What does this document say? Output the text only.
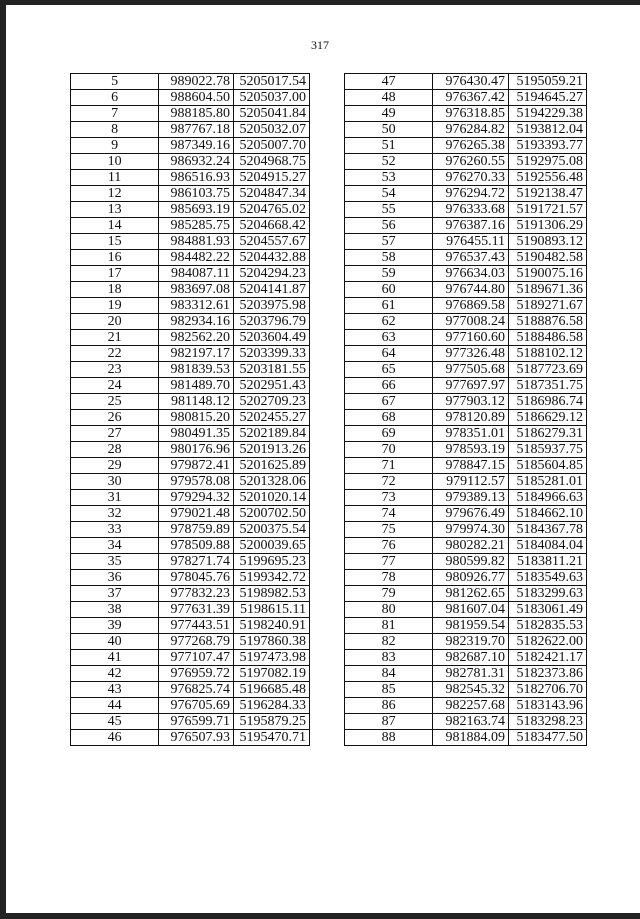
317
5	989022.78	5205017.54
6	988604.50	5205037.00
7	988185.80	5205041.84
8	987767.18	5205032.07
9	987349.16	5205007.70
10	986932.24	5204968.75
11	986516.93	5204915.27
12	986103.75	5204847.34
13	985693.19	5204765.02
14	985285.75	5204668.42
15	984881.93	5204557.67
16	984482.22	5204432.88
17	984087.11	5204294.23
18	983697.08	5204141.87
19	983312.61	5203975.98
20	982934.16	5203796.79
21	982562.20	5203604.49
22	982197.17	5203399.33
23	981839.53	5203181.55
24	981489.70	5202951.43
25	981148.12	5202709.23
26	980815.20	5202455.27
27	980491.35	5202189.84
28	980176.96	5201913.26
29	979872.41	5201625.89
30	979578.08	5201328.06
31	979294.32	5201020.14
32	979021.48	5200702.50
33	978759.89	5200375.54
34	978509.88	5200039.65
35	978271.74	5199695.23
36	978045.76	5199342.72
37	977832.23	5198982.53
38	977631.39	5198615.11
39	977443.51	5198240.91
40	977268.79	5197860.38
41	977107.47	5197473.98
42	976959.72	5197082.19
43	976825.74	5196685.48
44	976705.69	5196284.33
45	976599.71	5195879.25
46	976507.93	5195470.71
47	976430.47	5195059.21
48	976367.42	5194645.27
49	976318.85	5194229.38
50	976284.82	5193812.04
51	976265.38	5193393.77
52	976260.55	5192975.08
53	976270.33	5192556.48
54	976294.72	5192138.47
55	976333.68	5191721.57
56	976387.16	5191306.29
57	976455.11	5190893.12
58	976537.43	5190482.58
59	976634.03	5190075.16
60	976744.80	5189671.36
61	976869.58	5189271.67
62	977008.24	5188876.58
63	977160.60	5188486.58
64	977326.48	5188102.12
65	977505.68	5187723.69
66	977697.97	5187351.75
67	977903.12	5186986.74
68	978120.89	5186629.12
69	978351.01	5186279.31
70	978593.19	5185937.75
71	978847.15	5185604.85
72	979112.57	5185281.01
73	979389.13	5184966.63
74	979676.49	5184662.10
75	979974.30	5184367.78
76	980282.21	5184084.04
77	980599.82	5183811.21
78	980926.77	5183549.63
79	981262.65	5183299.63
80	981607.04	5183061.49
81	981959.54	5182835.53
82	982319.70	5182622.00
83	982687.10	5182421.17
84	982781.31	5182373.86
85	982545.32	5182706.70
86	982257.68	5183143.96
87	982163.74	5183298.23
88	981884.09	5183477.50
